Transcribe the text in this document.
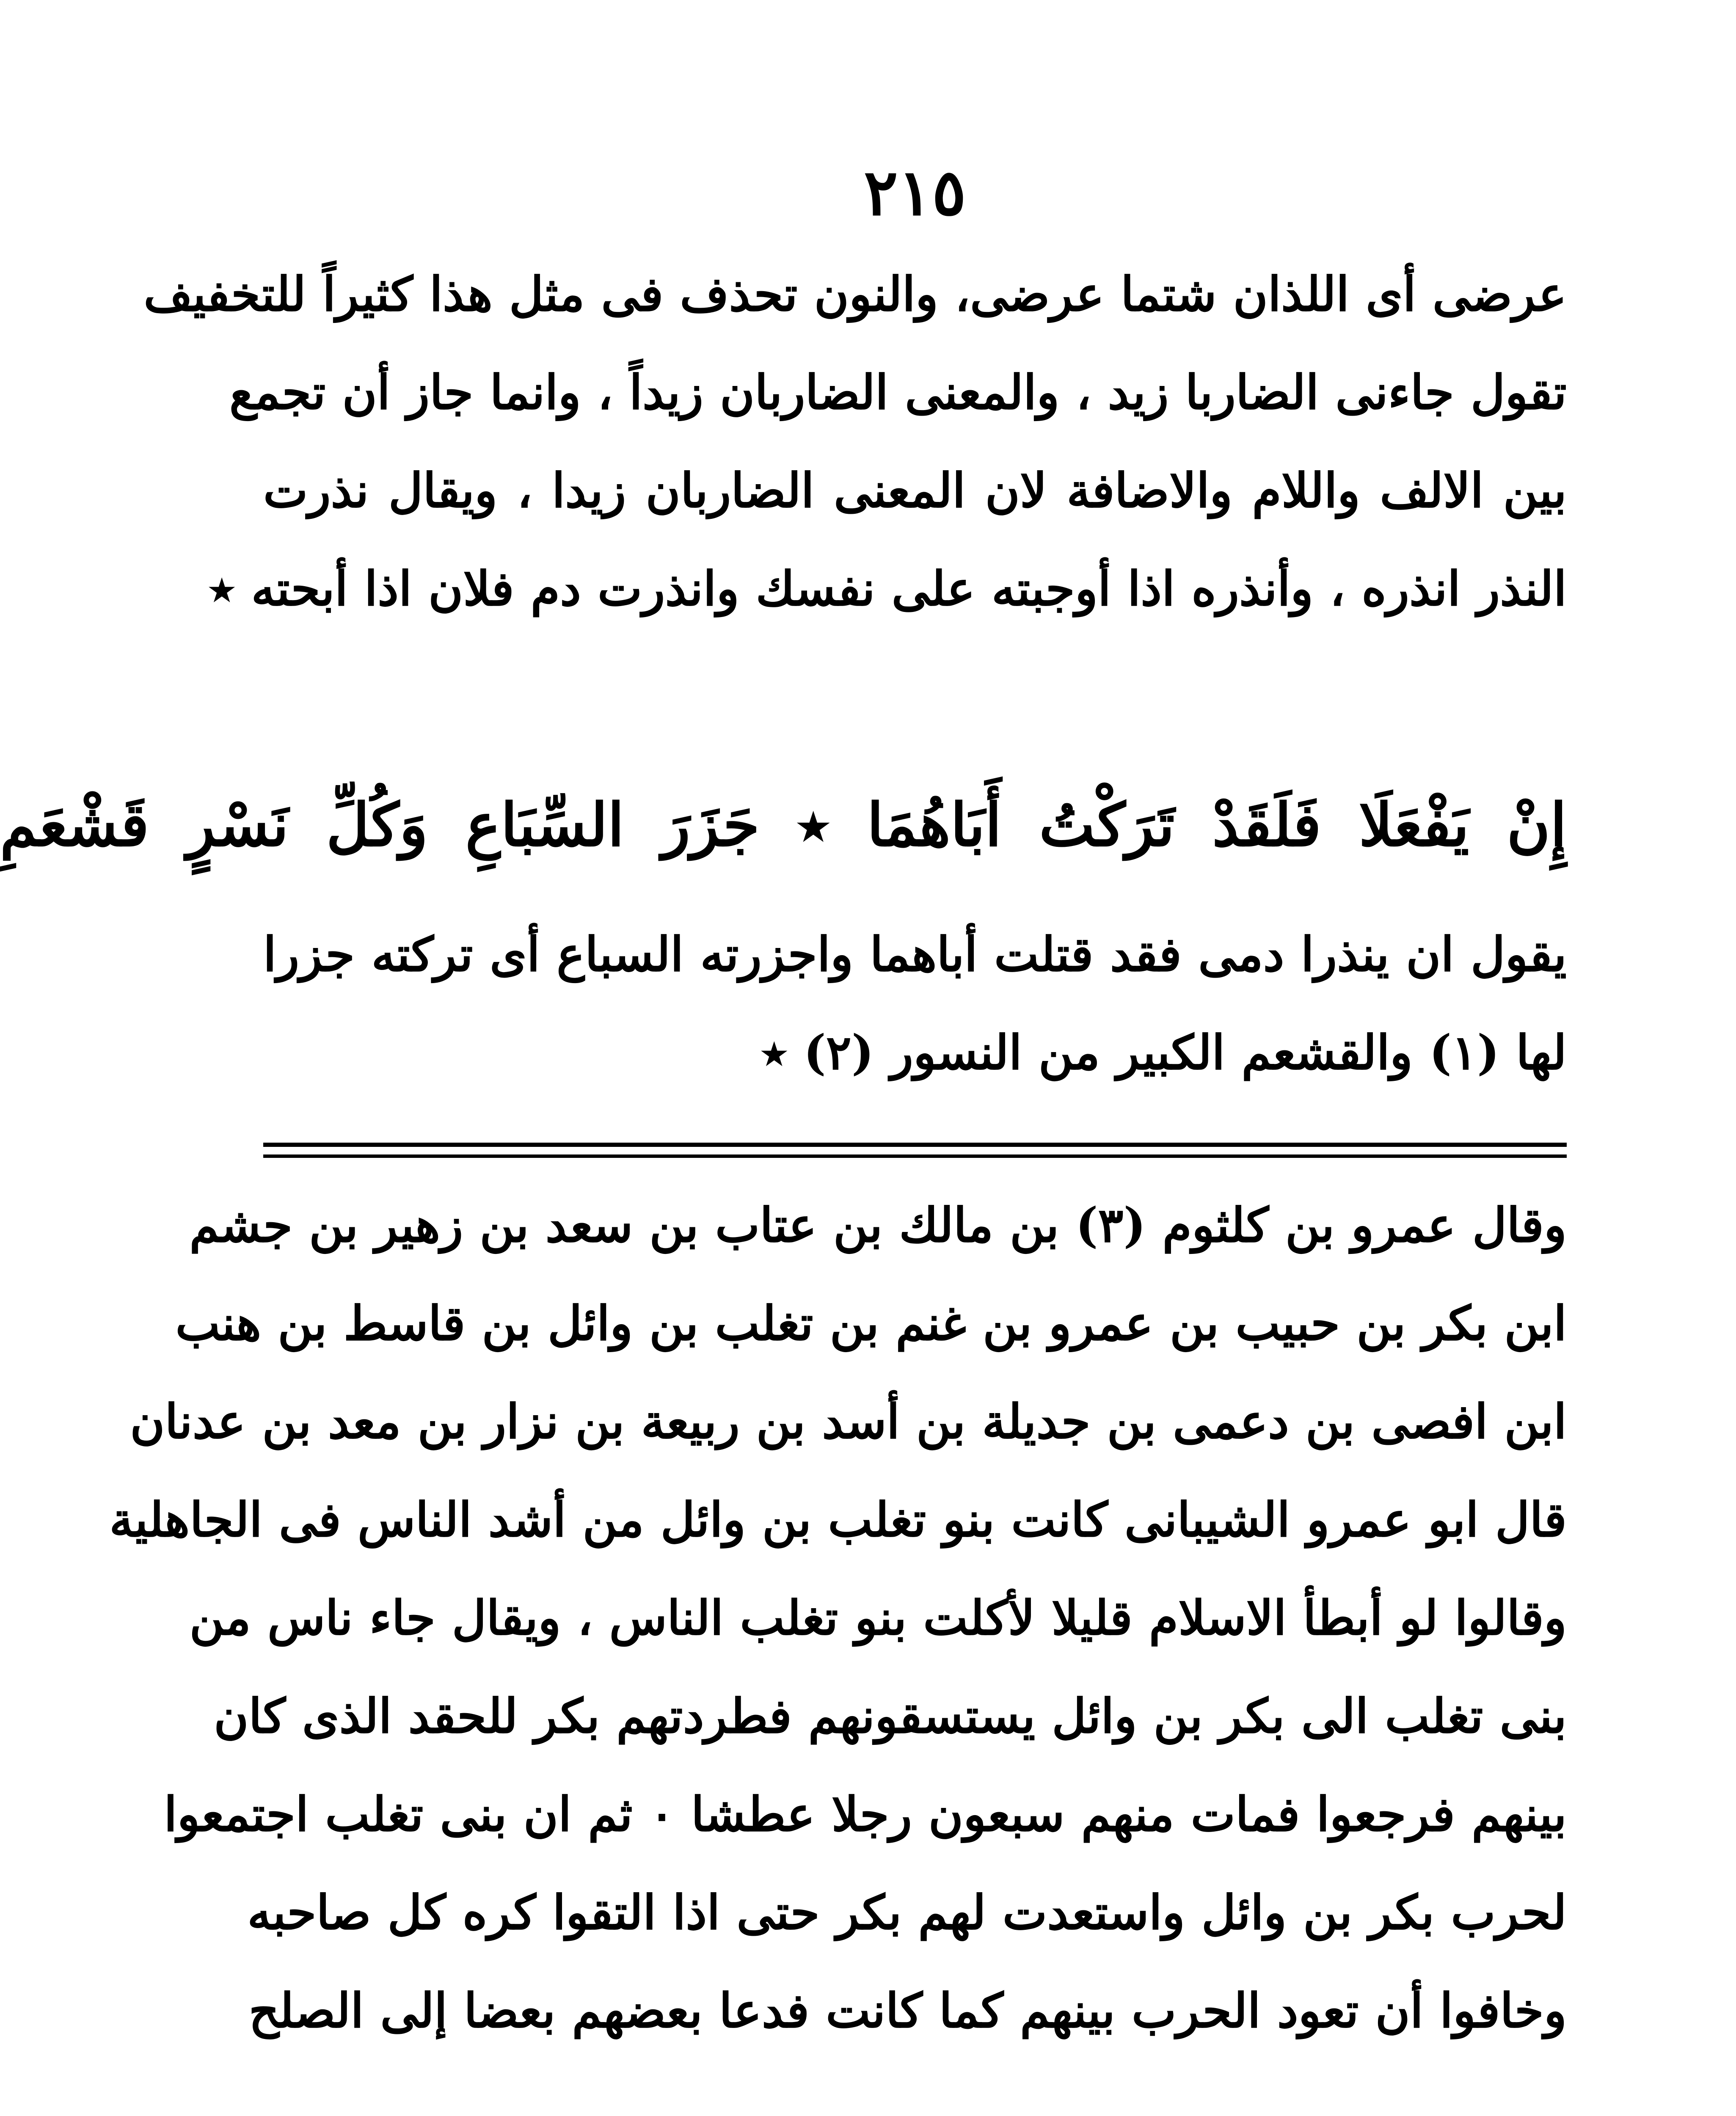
٢١٥
عرضى أى اللذان شتما عرضى، والنون تحذف فى مثل هذا كثيراً للتخفيف
تقول جاءنى الضاربا زيد ، والمعنى الضاربان زيداً ، وانما جاز أن تجمع
بين الالف واللام والاضافة لان المعنى الضاربان زيدا ، ويقال نذرت
النذر انذره ، وأنذره اذا أوجبته على نفسك وانذرت دم فلان اذا أبحته ٭
إِنْ يَفْعَلَا فَلَقَدْ تَرَكْتُ أَبَاهُمَا ٭ جَزَرَ السِّبَاعِ وَكُلِّ نَسْرٍ قَشْعَمِ
يقول ان ينذرا دمى فقد قتلت أباهما واجزرته السباع أى تركته جزرا
لها (١) والقشعم الكبير من النسور (٢) ٭
وقال عمرو بن كلثوم (٣) بن مالك بن عتاب بن سعد بن زهير بن جشم
ابن بكر بن حبيب بن عمرو بن غنم بن تغلب بن وائل بن قاسط بن هنب
ابن افصى بن دعمى بن جديلة بن أسد بن ربيعة بن نزار بن معد بن عدنان
قال ابو عمرو الشيبانى كانت بنو تغلب بن وائل من أشد الناس فى الجاهلية
وقالوا لو أبطأ الاسلام قليلا لأكلت بنو تغلب الناس ، ويقال جاء ناس من
بنى تغلب الى بكر بن وائل يستسقونهم فطردتهم بكر للحقد الذى كان
بينهم فرجعوا فمات منهم سبعون رجلا عطشا ٠ ثم ان بنى تغلب اجتمعوا
لحرب بكر بن وائل واستعدت لهم بكر حتى اذا التقوا كره كل صاحبه
وخافوا أن تعود الحرب بينهم كما كانت فدعا بعضهم بعضا إلى الصلح
